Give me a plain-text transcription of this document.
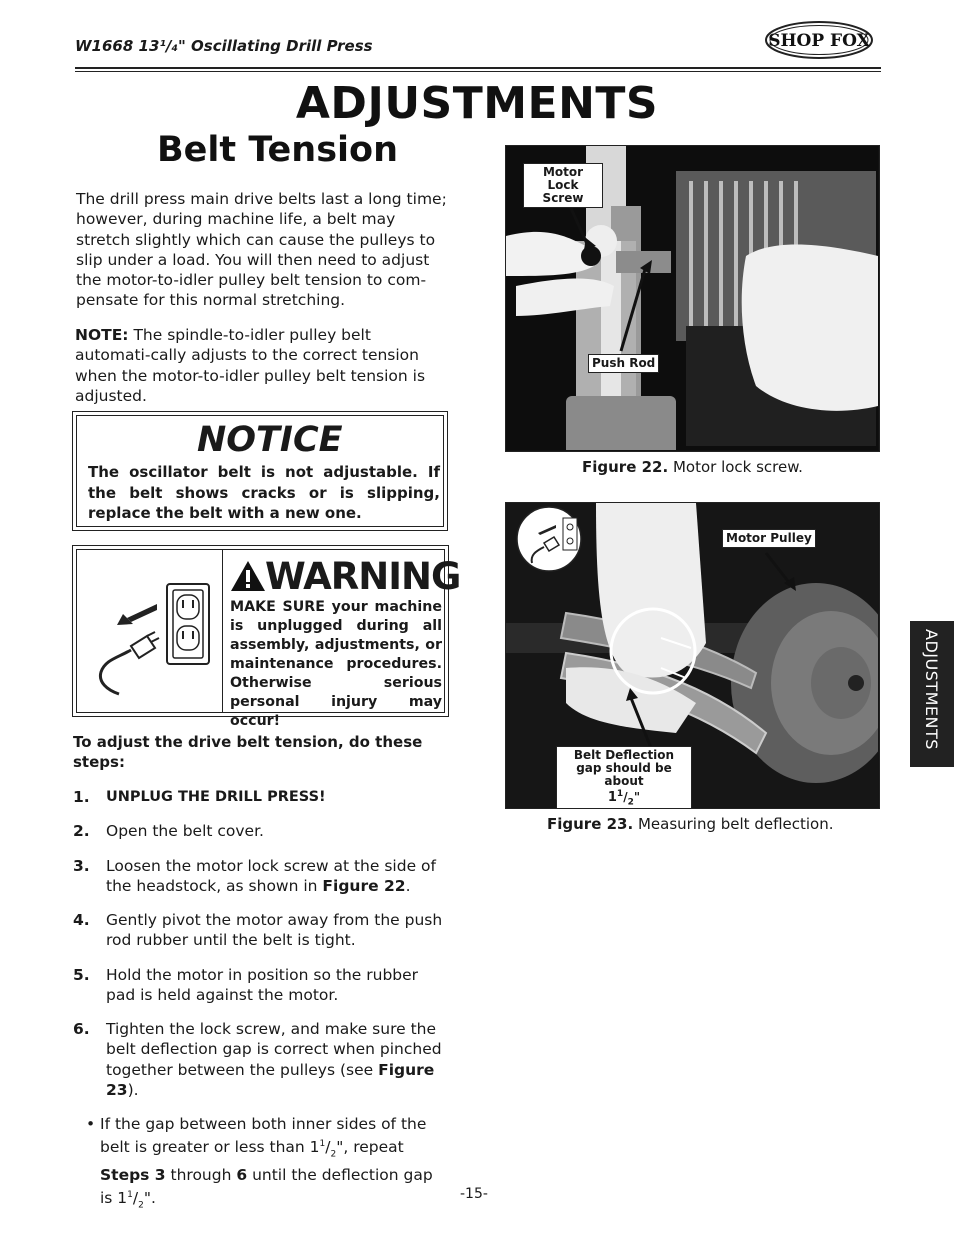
W1668 13¹/₄" Oscillating Drill Press	SHOP FOX
ADJUSTMENTS
Belt Tension
The drill press main drive belts last a long time; however, during machine life, a belt may stretch slightly which can cause the pulleys to slip under a load. You will then need to adjust the motor-to-idler pulley belt tension to com-pensate for this normal stretching.
NOTE: The spindle-to-idler pulley belt automati-cally adjusts to the correct tension when the motor-to-idler pulley belt tension is adjusted.
NOTICE
The oscillator belt is not adjustable. If the belt shows cracks or is slipping, replace the belt with a new one.
WARNING
MAKE SURE your machine is unplugged during all assembly, adjustments, or maintenance procedures. Otherwise serious personal injury may occur!
To adjust the drive belt tension, do these steps:
1. UNPLUG THE DRILL PRESS!
2. Open the belt cover.
3. Loosen the motor lock screw at the side of the headstock, as shown in Figure 22.
4. Gently pivot the motor away from the push rod rubber until the belt is tight.
5. Hold the motor in position so the rubber pad is held against the motor.
6. Tighten the lock screw, and make sure the belt deflection gap is correct when pinched together between the pulleys (see Figure 23).
• If the gap between both inner sides of the belt is greater or less than $1^1/_2$", repeat Steps 3 through 6 until the deflection gap is $1^1/_2$".	-15-
Motor Lock Screw
Push Rod
Figure 22. Motor lock screw.
Motor Pulley
Belt Deflection gap should be about
$1^1/_2$"
Figure 23. Measuring belt deflection.
ADJUSTMENTS
